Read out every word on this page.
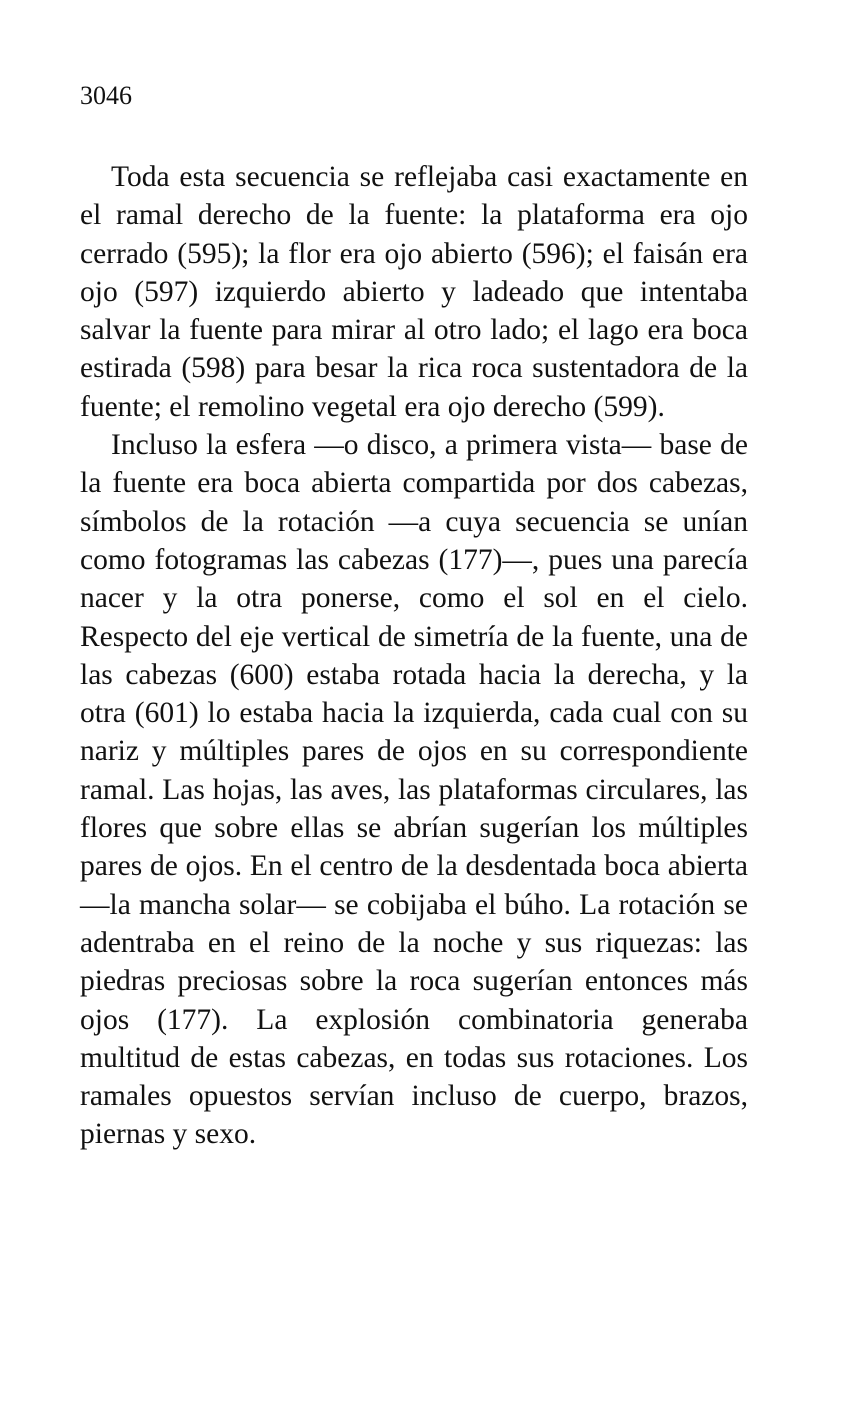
3046

Toda esta secuencia se reflejaba casi exactamente en el ramal derecho de la fuente: la plataforma era ojo cerrado (595); la flor era ojo abierto (596); el faisán era ojo (597) izquierdo abierto y ladeado que intentaba salvar la fuente para mirar al otro lado; el lago era boca estirada (598) para besar la rica roca sustentadora de la fuente; el remolino vegetal era ojo derecho (599).

Incluso la esfera —o disco, a primera vista— base de la fuente era boca abierta compartida por dos cabezas, símbolos de la rotación —a cuya secuencia se unían como fotogramas las cabezas (177)—, pues una parecía nacer y la otra ponerse, como el sol en el cielo. Respecto del eje vertical de simetría de la fuente, una de las cabezas (600) estaba rotada hacia la derecha, y la otra (601) lo estaba hacia la izquierda, cada cual con su nariz y múltiples pares de ojos en su correspondiente ramal. Las hojas, las aves, las plataformas circulares, las flores que sobre ellas se abrían sugerían los múltiples pares de ojos. En el centro de la desdentada boca abierta —la mancha solar— se cobijaba el búho. La rotación se adentraba en el reino de la noche y sus riquezas: las piedras preciosas sobre la roca sugerían entonces más ojos (177). La explosión combinatoria generaba multitud de estas cabezas, en todas sus rotaciones. Los ramales opuestos servían incluso de cuerpo, brazos, piernas y sexo.
